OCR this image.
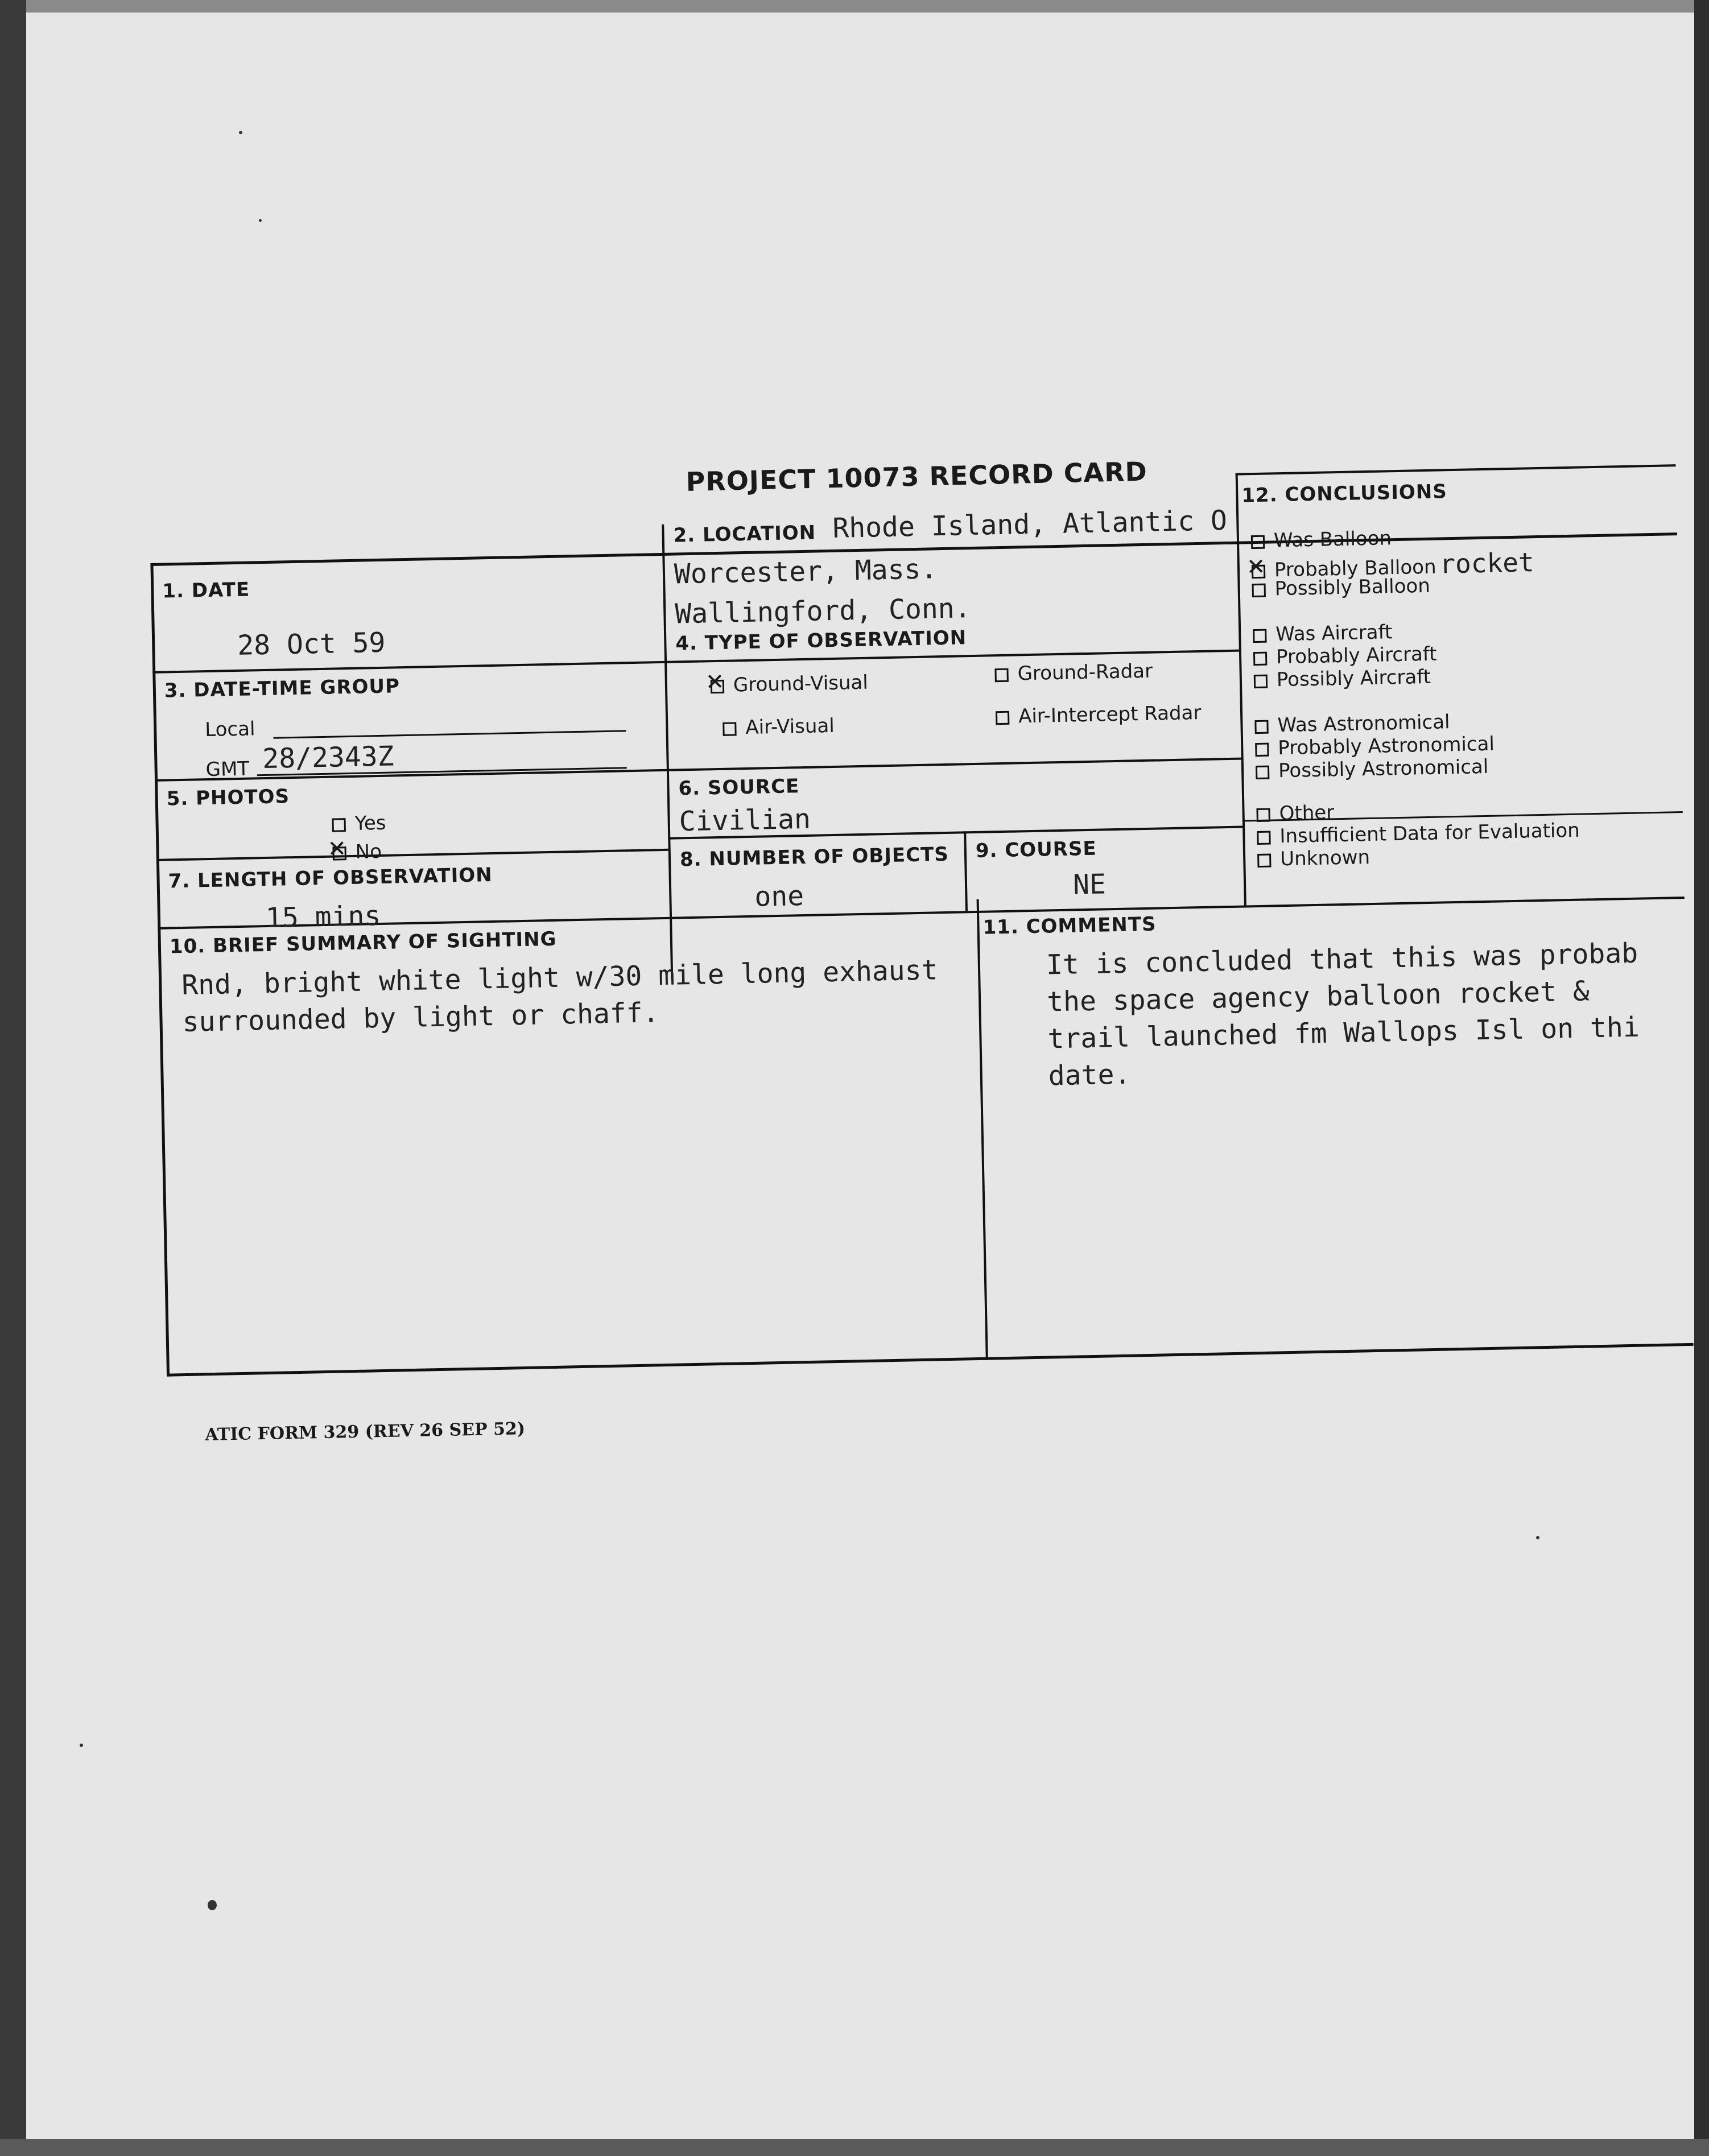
PROJECT 10073 RECORD CARD
1. DATE
28 Oct 59
2. LOCATION Rhode Island, Atlantic O
Worcester, Mass.
Wallingford, Conn.
3. DATE-TIME GROUP
Local
GMT 28/2343Z
4. TYPE OF OBSERVATION
✕Ground-Visual	Ground-Radar
Air-Visual	Air-Intercept Radar
5. PHOTOS
Yes
✕No
6. SOURCE
Civilian
7. LENGTH OF OBSERVATION
15 mins
8. NUMBER OF OBJECTS
one
9. COURSE
NE
10. BRIEF SUMMARY OF SIGHTING
Rnd, bright white light w/30 mile long exhaust
surrounded by light or chaff.
11. COMMENTS
It is concluded that this was probab
the space agency balloon rocket &
trail launched fm Wallops Isl on thi
date.
12. CONCLUSIONS
Was Balloon
✕Probably Balloon rocket
Possibly Balloon
Was Aircraft
Probably Aircraft
Possibly Aircraft
Was Astronomical
Probably Astronomical
Possibly Astronomical
Other
Insufficient Data for Evaluation
Unknown
ATIC FORM 329 (REV 26 SEP 52)
